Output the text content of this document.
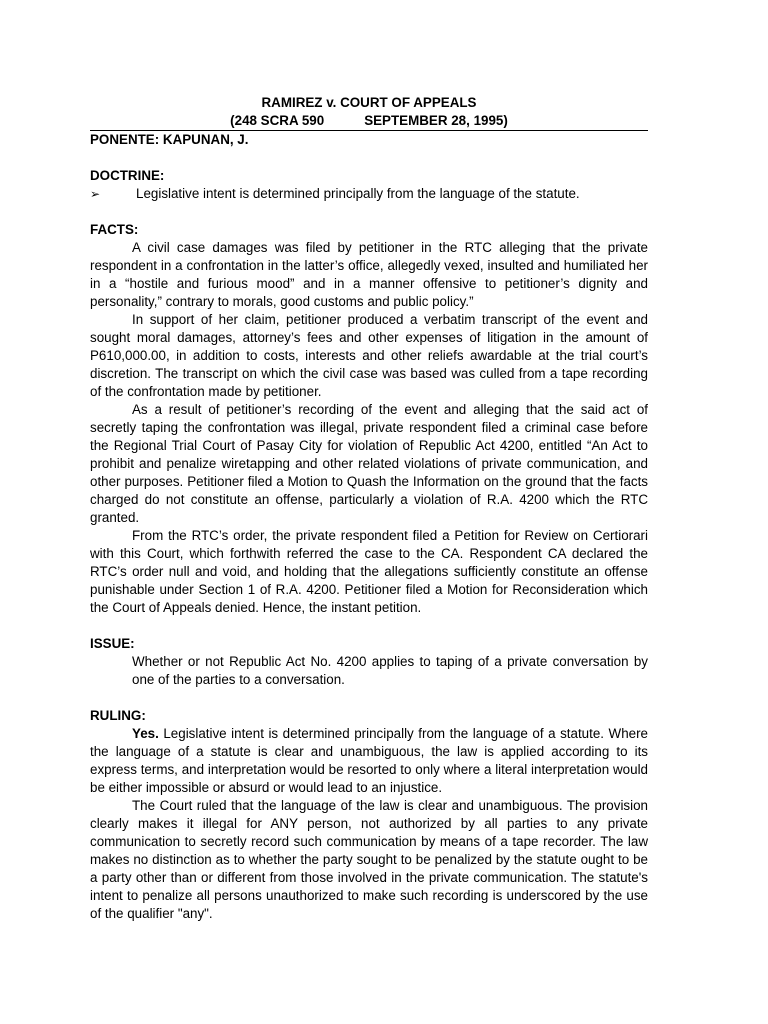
RAMIREZ v. COURT OF APPEALS

(248 SCRA 590	SEPTEMBER 28, 1995)

PONENTE: KAPUNAN, J.

DOCTRINE:

➢	Legislative intent is determined principally from the language of the statute.

FACTS:

A civil case damages was filed by petitioner in the RTC alleging that the private respondent in a confrontation in the latter’s office, allegedly vexed, insulted and humiliated her in a “hostile and furious mood” and in a manner offensive to petitioner’s dignity and personality,” contrary to morals, good customs and public policy.”

In support of her claim, petitioner produced a verbatim transcript of the event and sought moral damages, attorney’s fees and other expenses of litigation in the amount of P610,000.00, in addition to costs, interests and other reliefs awardable at the trial court’s discretion. The transcript on which the civil case was based was culled from a tape recording of the confrontation made by petitioner.

As a result of petitioner’s recording of the event and alleging that the said act of secretly taping the confrontation was illegal, private respondent filed a criminal case before the Regional Trial Court of Pasay City for violation of Republic Act 4200, entitled “An Act to prohibit and penalize wiretapping and other related violations of private communication, and other purposes. Petitioner filed a Motion to Quash the Information on the ground that the facts charged do not constitute an offense, particularly a violation of R.A. 4200 which the RTC granted.

From the RTC’s order, the private respondent filed a Petition for Review on Certiorari with this Court, which forthwith referred the case to the CA. Respondent CA declared the RTC’s order null and void, and holding that the allegations sufficiently constitute an offense punishable under Section 1 of R.A. 4200. Petitioner filed a Motion for Reconsideration which the Court of Appeals denied. Hence, the instant petition.

ISSUE:

Whether or not Republic Act No. 4200 applies to taping of a private conversation by one of the parties to a conversation.

RULING:

Yes. Legislative intent is determined principally from the language of a statute. Where the language of a statute is clear and unambiguous, the law is applied according to its express terms, and interpretation would be resorted to only where a literal interpretation would be either impossible or absurd or would lead to an injustice.

The Court ruled that the language of the law is clear and unambiguous. The provision clearly makes it illegal for ANY person, not authorized by all parties to any private communication to secretly record such communication by means of a tape recorder. The law makes no distinction as to whether the party sought to be penalized by the statute ought to be a party other than or different from those involved in the private communication. The statute's intent to penalize all persons unauthorized to make such recording is underscored by the use of the qualifier "any".
